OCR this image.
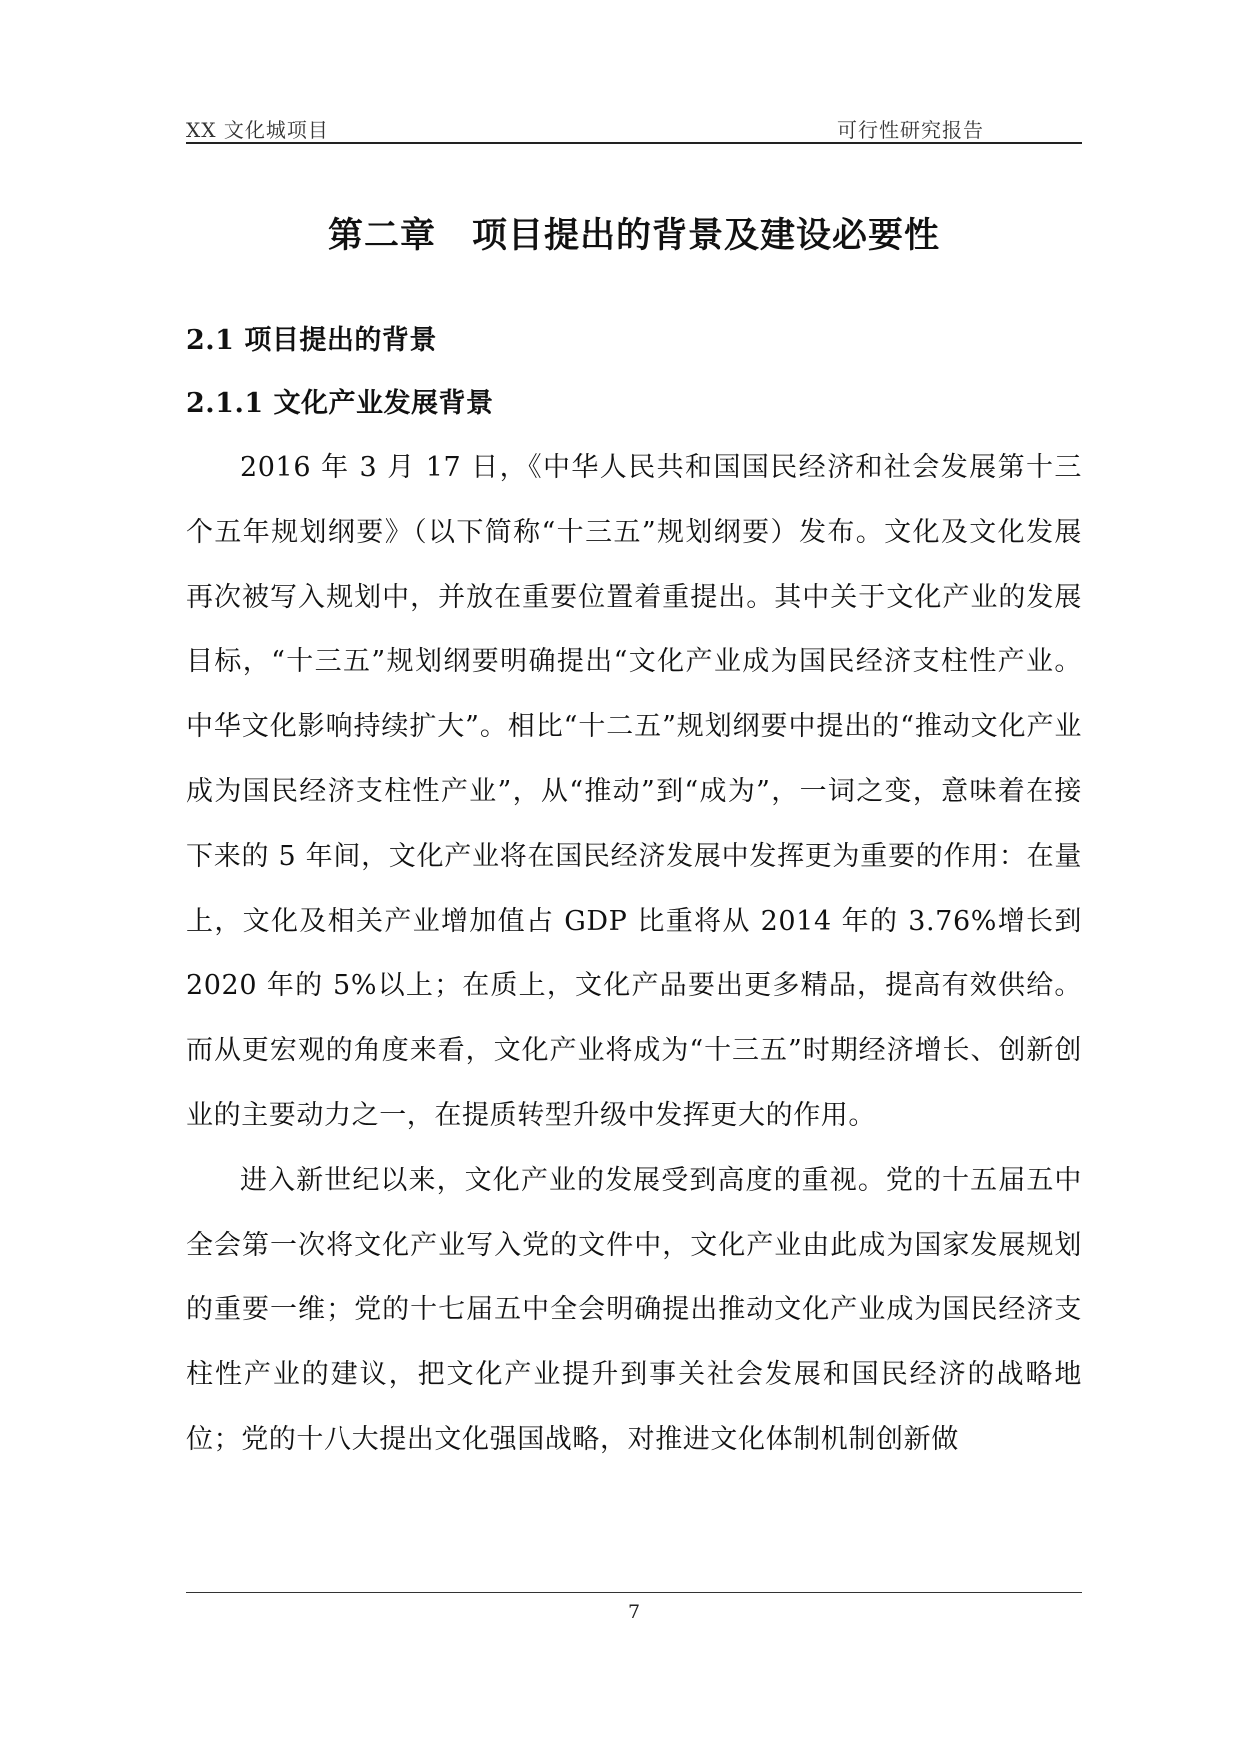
XX 文化城项目	可行性研究报告
第二章　项目提出的背景及建设必要性
2.1 项目提出的背景
2.1.1 文化产业发展背景

2016 年 3 月 17 日，《中华人民共和国国民经济和社会发展第十三个五年规划纲要》（以下简称“十三五”规划纲要）发布。文化及文化发展再次被写入规划中，并放在重要位置着重提出。其中关于文化产业的发展目标，“十三五”规划纲要明确提出“文化产业成为国民经济支柱性产业。中华文化影响持续扩大”。相比“十二五”规划纲要中提出的“推动文化产业成为国民经济支柱性产业”，从“推动”到“成为”，一词之变，意味着在接下来的 5 年间，文化产业将在国民经济发展中发挥更为重要的作用：在量上，文化及相关产业增加值占 GDP 比重将从 2014 年的 3.76%增长到 2020 年的 5%以上；在质上，文化产品要出更多精品，提高有效供给。而从更宏观的角度来看，文化产业将成为“十三五”时期经济增长、创新创业的主要动力之一，在提质转型升级中发挥更大的作用。

进入新世纪以来，文化产业的发展受到高度的重视。党的十五届五中全会第一次将文化产业写入党的文件中，文化产业由此成为国家发展规划的重要一维；党的十七届五中全会明确提出推动文化产业成为国民经济支柱性产业的建议，把文化产业提升到事关社会发展和国民经济的战略地位；党的十八大提出文化强国战略，对推进文化体制机制创新做

7
